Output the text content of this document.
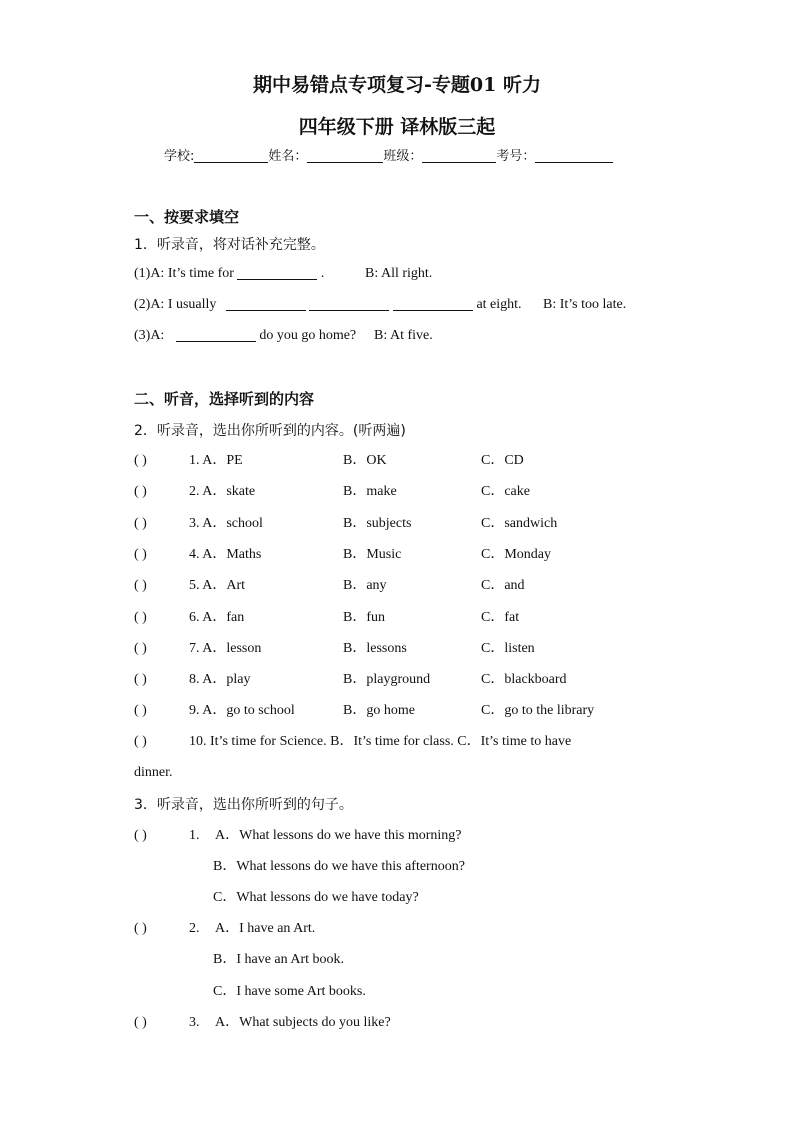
期中易错点专项复习-专题01 听力
四年级下册 译林版三起
学校:	姓名：	班级：	考号：
一、按要求填空
1．听录音，将对话补充完整。
(1)A: It’s time for	.	B: All right.
(2)A: I usually	at eight. B: It’s too late.
(3)A:	do you go home? B: At five.
二、听音，选择听到的内容
2．听录音，选出你所听到的内容。(听两遍)
( )	1. A．PE	B．OK	C．CD
( )	2. A．skate	B．make	C．cake
( )	3. A．school	B．subjects	C．sandwich
( )	4. A．Maths	B．Music	C．Monday
( )	5. A．Art	B．any	C．and
( )	6. A．fan	B．fun	C．fat
( )	7. A．lesson	B．lessons	C．listen
( )	8. A．play	B．playground	C．blackboard
( )	9. A．go to school	B．go home	C．go to the library
( )	10. It’s time for Science. B．It’s time for class. C．It’s time to have
dinner.
3．听录音，选出你所听到的句子。
( )	1. A．What lessons do we have this morning?
B．What lessons do we have this afternoon?
C．What lessons do we have today?
( )	2. A．I have an Art.
B．I have an Art book.
C．I have some Art books.
( )	3. A．What subjects do you like?
